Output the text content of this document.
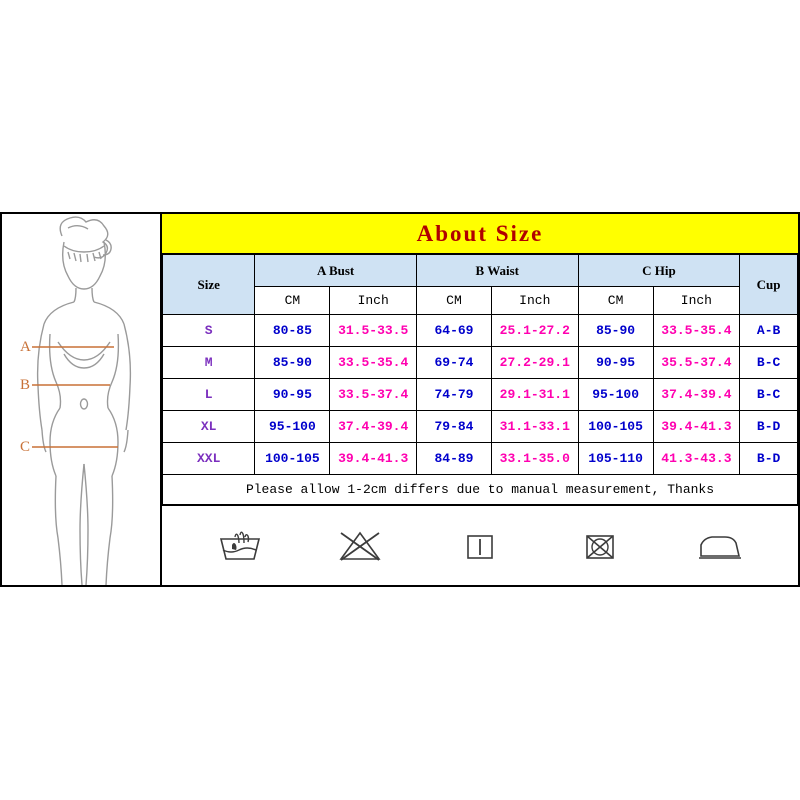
A
B
C
About Size
Size	A Bust		B Waist		C Hip		Cup
	CM	Inch	CM	Inch	CM	Inch	
S	80-85	31.5-33.5	64-69	25.1-27.2	85-90	33.5-35.4	A-B
M	85-90	33.5-35.4	69-74	27.2-29.1	90-95	35.5-37.4	B-C
L	90-95	33.5-37.4	74-79	29.1-31.1	95-100	37.4-39.4	B-C
XL	95-100	37.4-39.4	79-84	31.1-33.1	100-105	39.4-41.3	B-D
XXL	100-105	39.4-41.3	84-89	33.1-35.0	105-110	41.3-43.3	B-D
Please allow 1-2cm differs due to manual measurement, Thanks							
